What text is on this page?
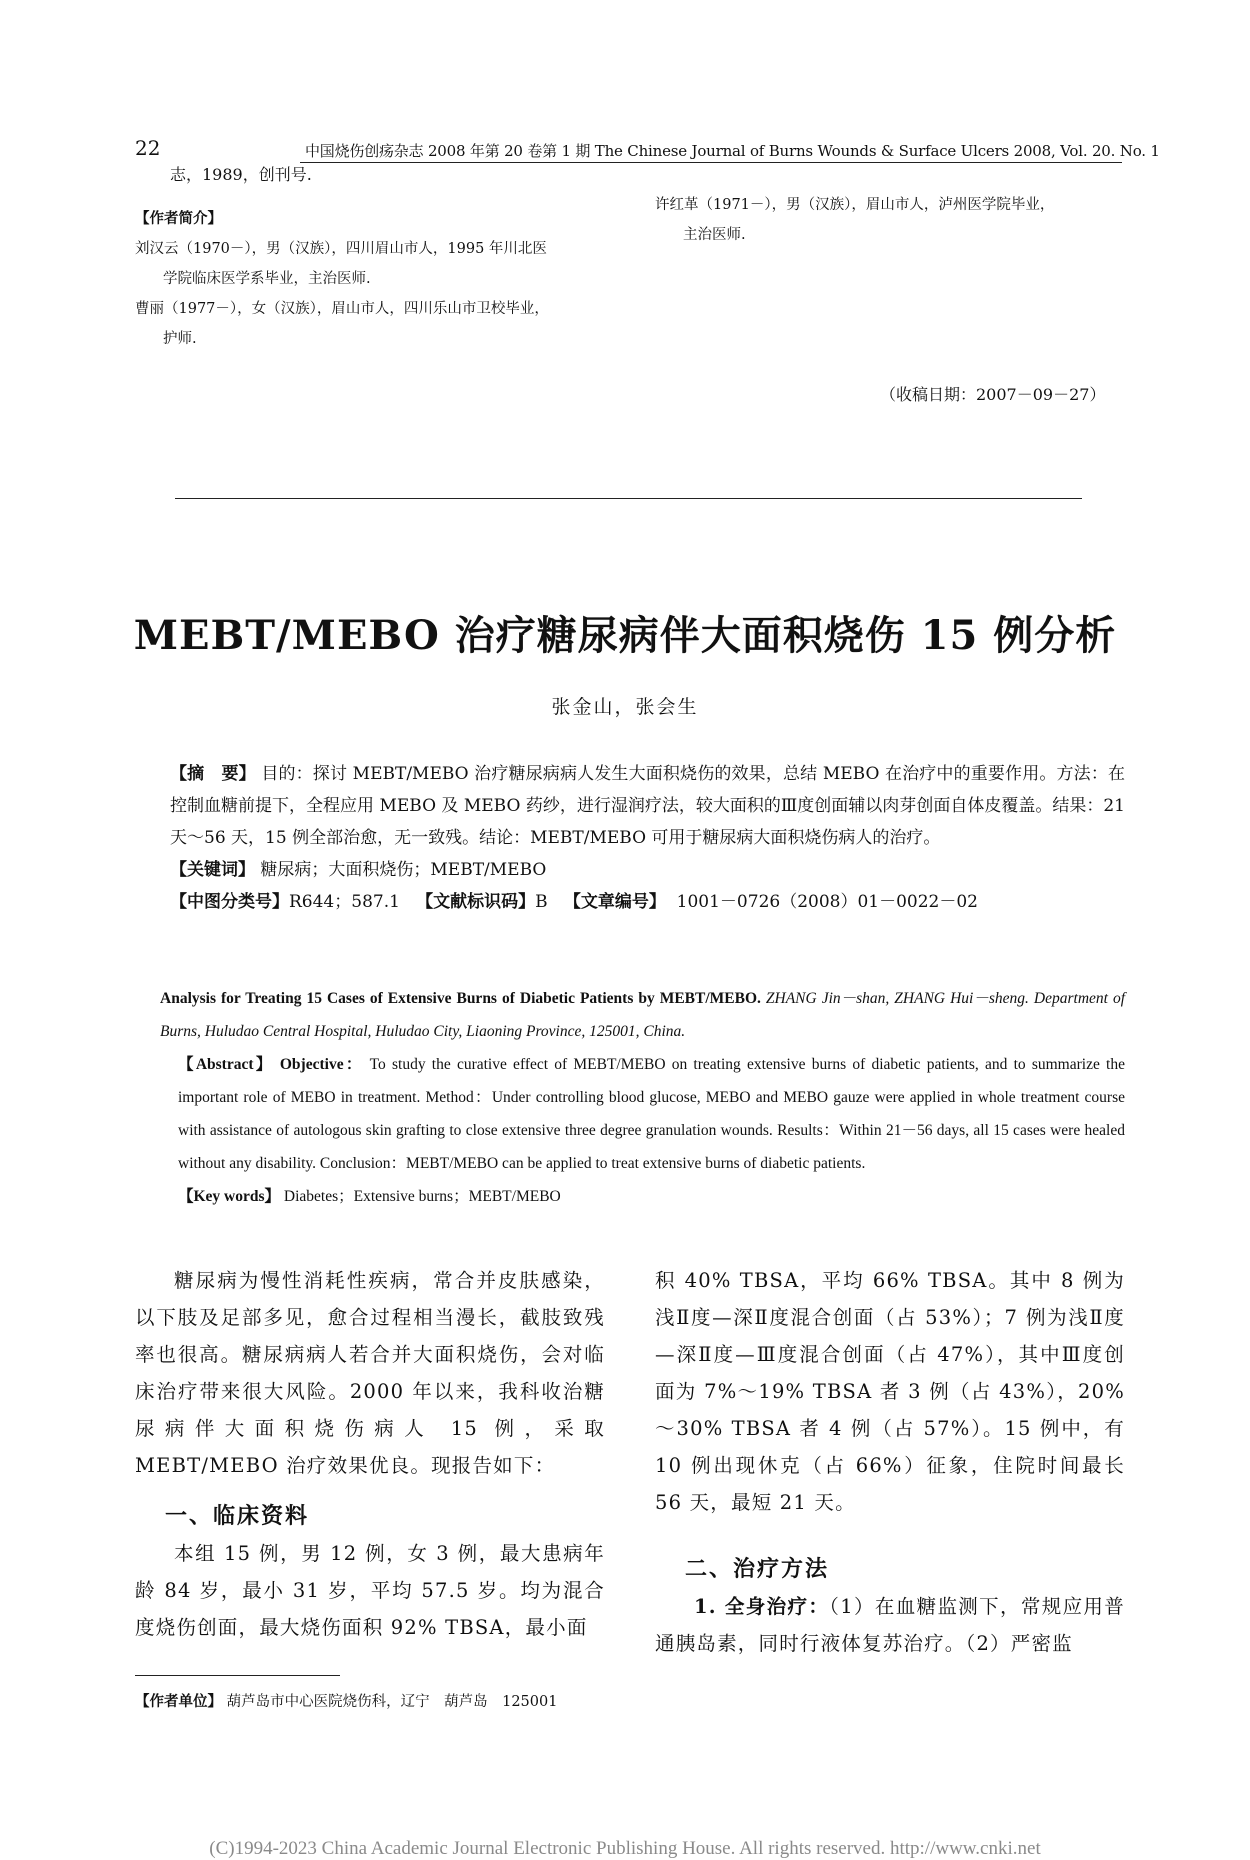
22	中国烧伤创疡杂志 2008 年第 20 卷第 1 期 The Chinese Journal of Burns Wounds & Surface Ulcers 2008, Vol. 20. No. 1
志，1989，创刊号.
【作者简介】
刘汉云（1970－），男（汉族），四川眉山市人，1995 年川北医
学院临床医学系毕业，主治医师.
曹丽（1977－），女（汉族），眉山市人，四川乐山市卫校毕业，
护师.
许红革（1971－），男（汉族），眉山市人，泸州医学院毕业，
主治医师.
（收稿日期：2007－09－27）
MEBT/MEBO 治疗糖尿病伴大面积烧伤 15 例分析
张金山，张会生
【摘　要】 目的：探讨 MEBT/MEBO 治疗糖尿病病人发生大面积烧伤的效果，总结 MEBO 在治疗中的重要作用。方法：在控制血糖前提下，全程应用 MEBO 及 MEBO 药纱，进行湿润疗法，较大面积的Ⅲ度创面辅以肉芽创面自体皮覆盖。结果：21 天～56 天，15 例全部治愈，无一致残。结论：MEBT/MEBO 可用于糖尿病大面积烧伤病人的治疗。
【关键词】 糖尿病；大面积烧伤；MEBT/MEBO
【中图分类号】R644；587.1 【文献标识码】B 【文章编号】 1001－0726（2008）01－0022－02
Analysis for Treating 15 Cases of Extensive Burns of Diabetic Patients by MEBT/MEBO. ZHANG Jin－shan, ZHANG Hui－sheng. Department of Burns, Huludao Central Hospital, Huludao City, Liaoning Province, 125001, China.
【Abstract】 Objective： To study the curative effect of MEBT/MEBO on treating extensive burns of diabetic patients, and to summarize the important role of MEBO in treatment. Method：Under controlling blood glucose, MEBO and MEBO gauze were applied in whole treatment course with assistance of autologous skin grafting to close extensive three degree granulation wounds. Results：Within 21－56 days, all 15 cases were healed without any disability. Conclusion：MEBT/MEBO can be applied to treat extensive burns of diabetic patients.
【Key words】 Diabetes；Extensive burns；MEBT/MEBO
糖尿病为慢性消耗性疾病，常合并皮肤感染，以下肢及足部多见，愈合过程相当漫长，截肢致残率也很高。糖尿病病人若合并大面积烧伤，会对临床治疗带来很大风险。2000 年以来，我科收治糖尿病伴大面积烧伤病人 15 例，采取 MEBT/MEBO 治疗效果优良。现报告如下：
一、临床资料
本组 15 例，男 12 例，女 3 例，最大患病年龄 84 岁，最小 31 岁，平均 57.5 岁。均为混合度烧伤创面，最大烧伤面积 92% TBSA，最小面
积 40% TBSA，平均 66% TBSA。其中 8 例为浅Ⅱ度—深Ⅱ度混合创面（占 53%）；7 例为浅Ⅱ度—深Ⅱ度—Ⅲ度混合创面（占 47%），其中Ⅲ度创面为 7%～19% TBSA 者 3 例（占 43%），20%～30% TBSA 者 4 例（占 57%）。15 例中，有 10 例出现休克（占 66%）征象，住院时间最长 56 天，最短 21 天。
二、治疗方法
1. 全身治疗：（1）在血糖监测下，常规应用普通胰岛素，同时行液体复苏治疗。（2）严密监
【作者单位】 葫芦岛市中心医院烧伤科，辽宁　葫芦岛　125001
(C)1994-2023 China Academic Journal Electronic Publishing House. All rights reserved. http://www.cnki.net
